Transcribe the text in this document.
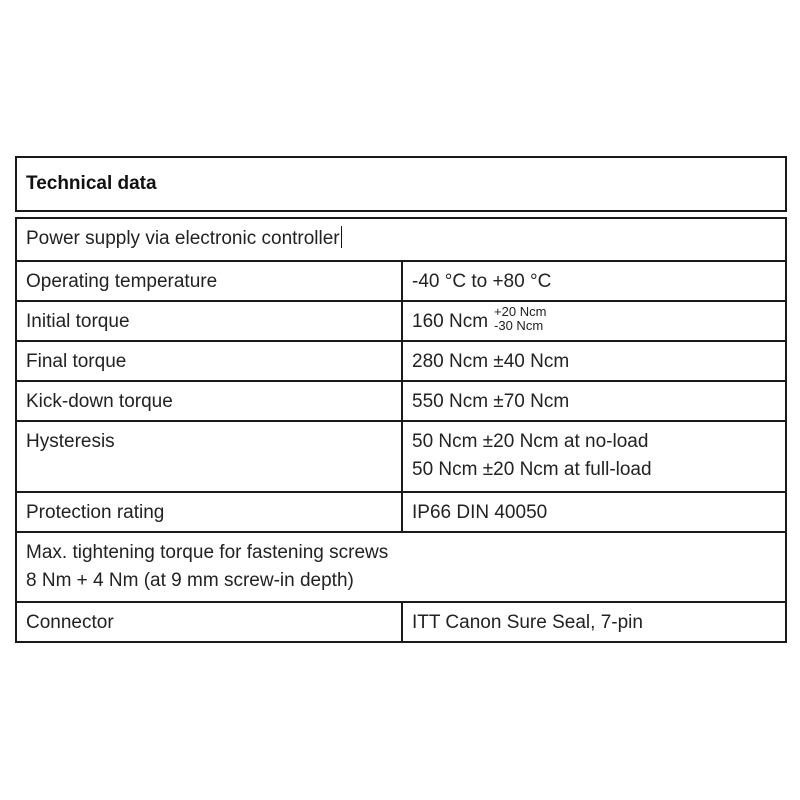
Technical data
Power supply via electronic controller
Operating temperature	-40 °C to +80 °C
Initial torque	160 Ncm +20 Ncm
-30 Ncm
Final torque	280 Ncm ±40 Ncm
Kick-down torque	550 Ncm ±70 Ncm
Hysteresis	50 Ncm ±20 Ncm at no-load
50 Ncm ±20 Ncm at full-load
Protection rating	IP66 DIN 40050
Max. tightening torque for fastening screws
8 Nm + 4 Nm (at 9 mm screw-in depth)
Connector	ITT Canon Sure Seal, 7-pin
